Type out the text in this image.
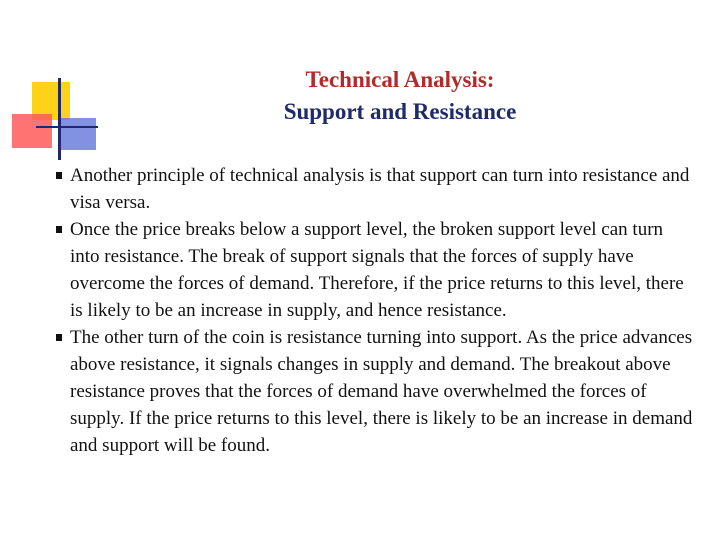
Technical Analysis:
Support and Resistance
Another principle of technical analysis is that support can turn into resistance and visa versa.
Once the price breaks below a support level, the broken support level can turn into resistance. The break of support signals that the forces of supply have overcome the forces of demand. Therefore, if the price returns to this level, there is likely to be an increase in supply, and hence resistance.
The other turn of the coin is resistance turning into support. As the price advances above resistance, it signals changes in supply and demand. The breakout above resistance proves that the forces of demand have overwhelmed the forces of supply. If the price returns to this level, there is likely to be an increase in demand and support will be found.
